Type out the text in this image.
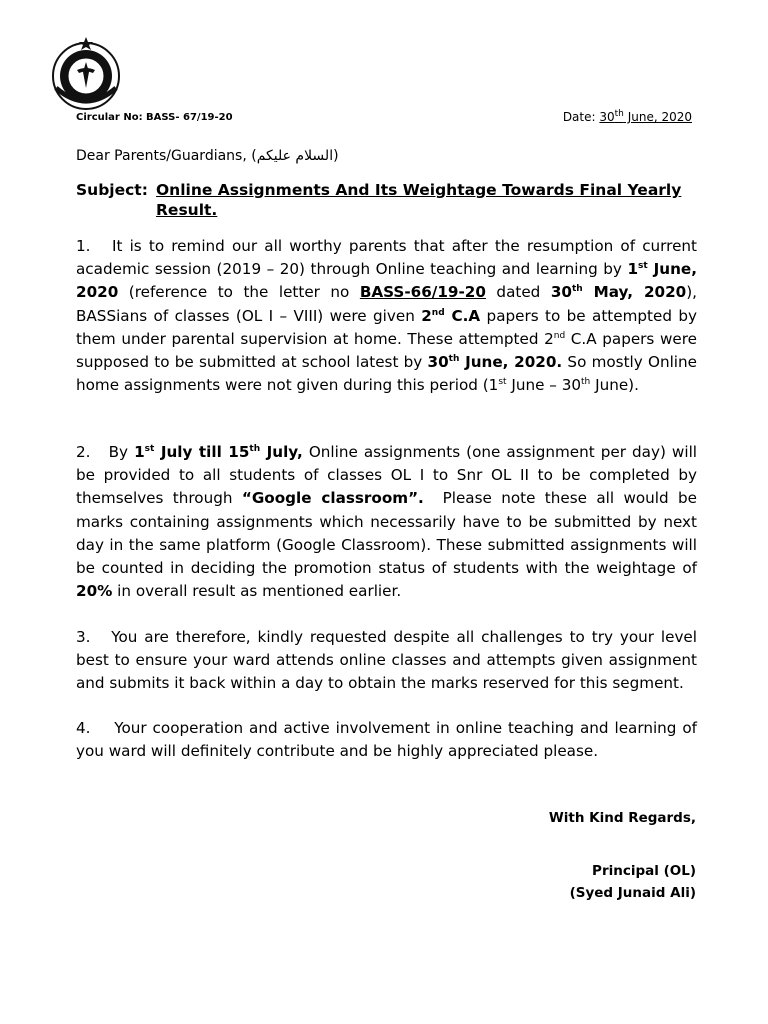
Circular No: BASS- 67/19-20	Date: 30th June, 2020
Dear Parents/Guardians, (السلام علیکم)
Subject: Online Assignments And Its Weightage Towards Final Yearly
Result.

1.   It is to remind our all worthy parents that after the resumption of current academic session (2019 – 20) through Online teaching and learning by 1st June, 2020 (reference to the letter no BASS-66/19-20 dated 30th May, 2020), BASSians of classes (OL I – VIII) were given 2nd C.A papers to be attempted by them under parental supervision at home. These attempted 2nd C.A papers were supposed to be submitted at school latest by 30th June, 2020. So mostly Online home assignments were not given during this period (1st June – 30th June).

2.   By 1st July till 15th July, Online assignments (one assignment per day) will be provided to all students of classes OL I to Snr OL II to be completed by themselves through “Google classroom”.  Please note these all would be marks containing assignments which necessarily have to be submitted by next day in the same platform (Google Classroom). These submitted assignments will be counted in deciding the promotion status of students with the weightage of 20% in overall result as mentioned earlier.

3.   You are therefore, kindly requested despite all challenges to try your level best to ensure your ward attends online classes and attempts given assignment and submits it back within a day to obtain the marks reserved for this segment.

4.    Your cooperation and active involvement in online teaching and learning of you ward will definitely contribute and be highly appreciated please.

With Kind Regards,
Principal (OL)
(Syed Junaid Ali)
